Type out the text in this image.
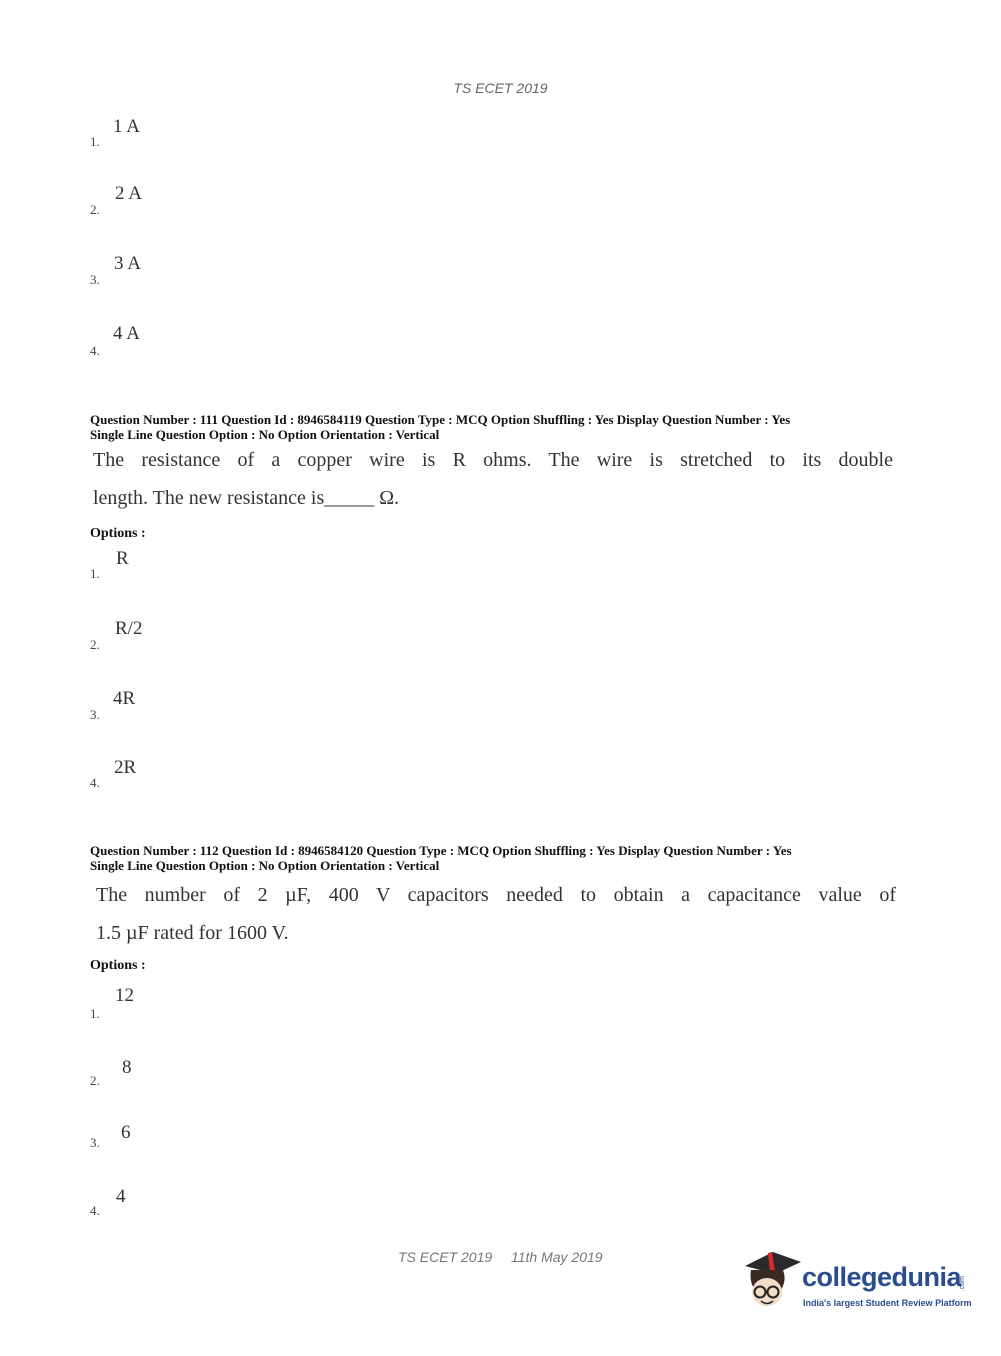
TS ECET 2019
1.
1 A
2.
2 A
3.
3 A
4.
4 A
Question Number : 111 Question Id : 8946584119 Question Type : MCQ Option Shuffling : Yes Display Question Number : Yes
Single Line Question Option : No Option Orientation : Vertical
The resistance of a copper wire is R ohms. The wire is stretched to its double
length. The new resistance is_____ Ω.
Options :
1.
R
2.
R/2
3.
4R
4.
2R
Question Number : 112 Question Id : 8946584120 Question Type : MCQ Option Shuffling : Yes Display Question Number : Yes
Single Line Question Option : No Option Orientation : Vertical
The number of 2 µF, 400 V capacitors needed to obtain a capacitance value of
1.5 µF rated for 1600 V.
Options :
1.
12
2.
8
3. 6
4.
4
TS ECET 2019 11th May 2019
collegedunia
.com
India's largest Student Review Platform
